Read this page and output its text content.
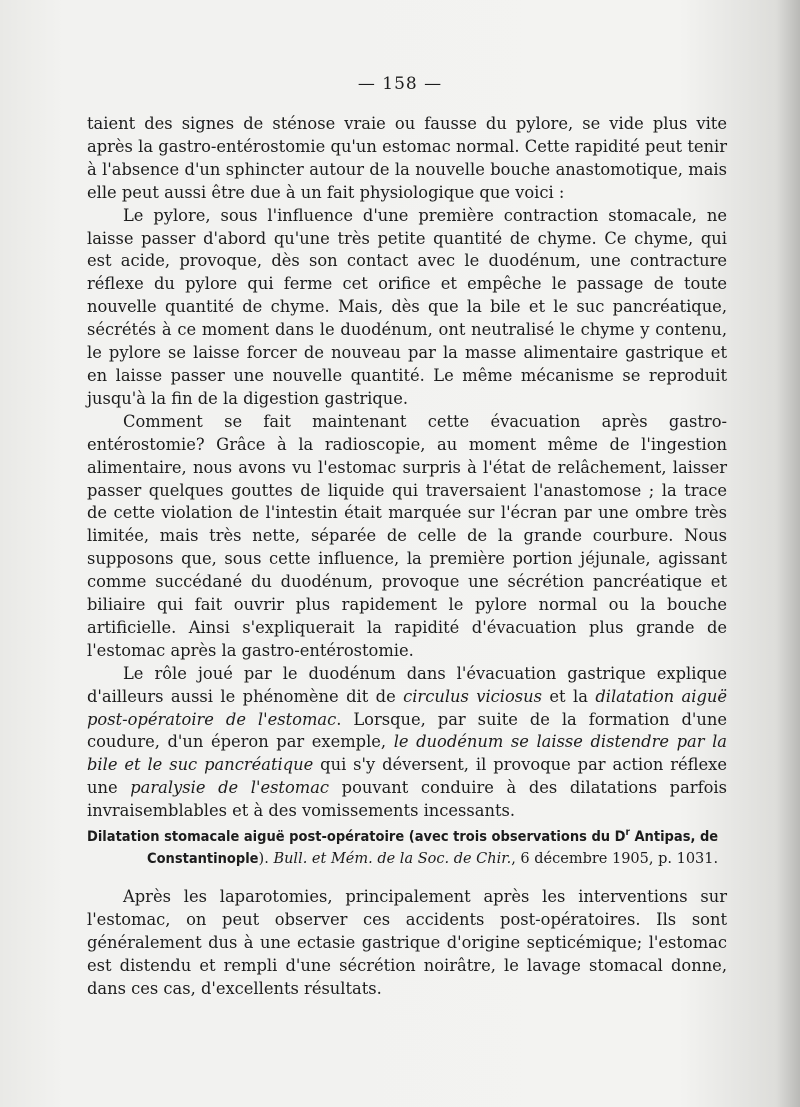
— 158 —

taient des signes de sténose vraie ou fausse du pylore, se vide plus vite après la gastro-entérostomie qu'un estomac normal. Cette rapidité peut tenir à l'absence d'un sphincter autour de la nouvelle bouche anastomotique, mais elle peut aussi être due à un fait physiologique que voici :

Le pylore, sous l'influence d'une première contraction stomacale, ne laisse passer d'abord qu'une très petite quantité de chyme. Ce chyme, qui est acide, provoque, dès son contact avec le duodénum, une contracture réflexe du pylore qui ferme cet orifice et empêche le passage de toute nouvelle quantité de chyme. Mais, dès que la bile et le suc pancréatique, sécrétés à ce moment dans le duodénum, ont neutralisé le chyme y contenu, le pylore se laisse forcer de nouveau par la masse alimentaire gastrique et en laisse passer une nouvelle quantité. Le même mécanisme se reproduit jusqu'à la fin de la digestion gastrique.

Comment se fait maintenant cette évacuation après gastro-entérostomie? Grâce à la radioscopie, au moment même de l'ingestion alimentaire, nous avons vu l'estomac surpris à l'état de relâchement, laisser passer quelques gouttes de liquide qui traversaient l'anastomose ; la trace de cette violation de l'intestin était marquée sur l'écran par une ombre très limitée, mais très nette, séparée de celle de la grande courbure. Nous supposons que, sous cette influence, la première portion jéjunale, agissant comme succédané du duodénum, provoque une sécrétion pancréatique et biliaire qui fait ouvrir plus rapidement le pylore normal ou la bouche artificielle. Ainsi s'expliquerait la rapidité d'évacuation plus grande de l'estomac après la gastro-entérostomie.

Le rôle joué par le duodénum dans l'évacuation gastrique explique d'ailleurs aussi le phénomène dit de circulus viciosus et la dilatation aiguë post-opératoire de l'estomac. Lorsque, par suite de la formation d'une coudure, d'un éperon par exemple, le duodénum se laisse distendre par la bile et le suc pancréatique qui s'y déversent, il provoque par action réflexe une paralysie de l'estomac pouvant conduire à des dilatations parfois invraisemblables et à des vomissements incessants.

Dilatation stomacale aiguë post-opératoire (avec trois observations du $D^r$ Antipas, de
Constantinople). Bull. et Mém. de la Soc. de Chir., 6 décembre 1905, p. 1031.

Après les laparotomies, principalement après les interventions sur l'estomac, on peut observer ces accidents post-opératoires. Ils sont généralement dus à une ectasie gastrique d'origine septicémique; l'estomac est distendu et rempli d'une sécrétion noirâtre, le lavage stomacal donne, dans ces cas, d'excellents résultats.
